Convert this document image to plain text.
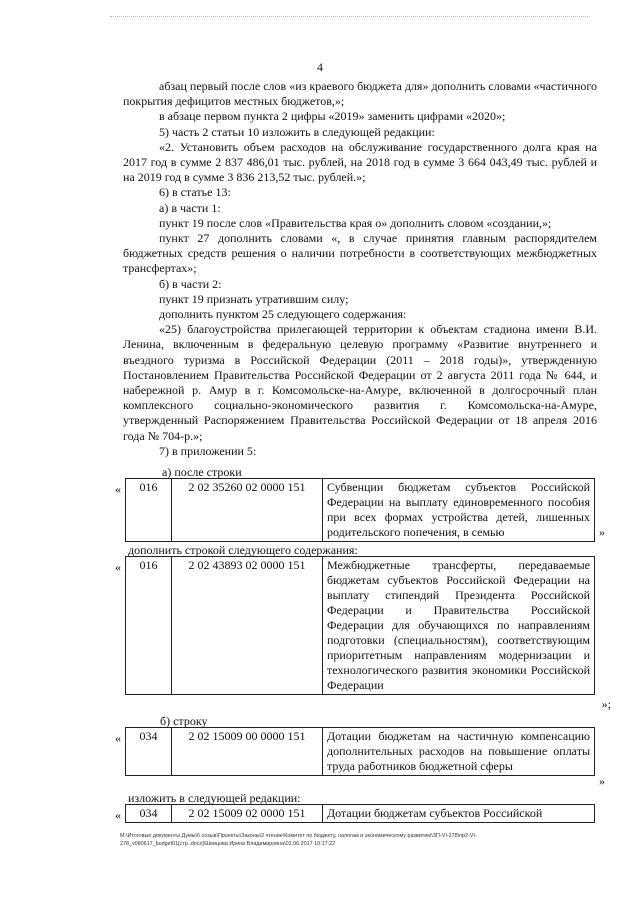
4

абзац первый после слов «из краевого бюджета для» дополнить словами «частичного покрытия дефицитов местных бюджетов,»;

в абзаце первом пункта 2 цифры «2019» заменить цифрами «2020»;

5) часть 2 статьи 10 изложить в следующей редакции:

«2. Установить объем расходов на обслуживание государственного долга края на 2017 год в сумме 2 837 486,01 тыс. рублей, на 2018 год в сумме 3 664 043,49 тыс. рублей и на 2019 год в сумме 3 836 213,52 тыс. рублей.»;

6) в статье 13:

а) в части 1:

пункт 19 после слов «Правительства края о» дополнить словом «создании,»;

пункт 27 дополнить словами «, в случае принятия главным распорядителем бюджетных средств решения о наличии потребности в соответствующих межбюджетных трансфертах»;

б) в части 2:

пункт 19 признать утратившим силу;

дополнить пунктом 25 следующего содержания:

«25) благоустройства прилегающей территории к объектам стадиона имени В.И. Ленина, включенным в федеральную целевую программу «Развитие внутреннего и въездного туризма в Российской Федерации (2011 – 2018 годы)», утвержденную Постановлением Правительства Российской Федерации от 2 августа 2011 года № 644, и набережной р. Амур в г. Комсомольске-на-Амуре, включенной в долгосрочный план комплексного социально-экономического развития г. Комсомольска-на-Амуре, утвержденный Распоряжением Правительства Российской Федерации от 18 апреля 2016 года № 704-р.»;

7) в приложении 5:

а) после строки
« 016	2 02 35260 02 0000 151	Субвенции бюджетам субъектов Российской Федерации на выплату единовременного пособия при всех формах устройства детей, лишенных родительского попечения, в семью	»
дополнить строкой следующего содержания:
« 016	2 02 43893 02 0000 151	Межбюджетные трансферты, передаваемые бюджетам субъектов Российской Федерации на выплату стипендий Президента Российской Федерации и Правительства Российской Федерации для обучающихся по направлениям подготовки (специальностям), соответствующим приоритетным направлениям модернизации и технологического развития экономики Российской Федерации
»;
б) строку
« 034	2 02 15009 00 0000 151	Дотации бюджетам на частичную компенсацию дополнительных расходов на повышение оплаты труда работников бюджетной сферы
»
изложить в следующей редакции:
« 034	2 02 15009 02 0000 151	Дотации бюджетам субъектов Российской
M:\Итоговые документы Думы\6 созыв\Проекты\Законы\2 чтение\Комитет по бюджету, налогам и экономическому развитию\ЗП-VI-278\пр2-VI-
278_v080617_budget01[стр..docx]\Шевцова Ирина Владимировна\02.06.2017 10:17:22
